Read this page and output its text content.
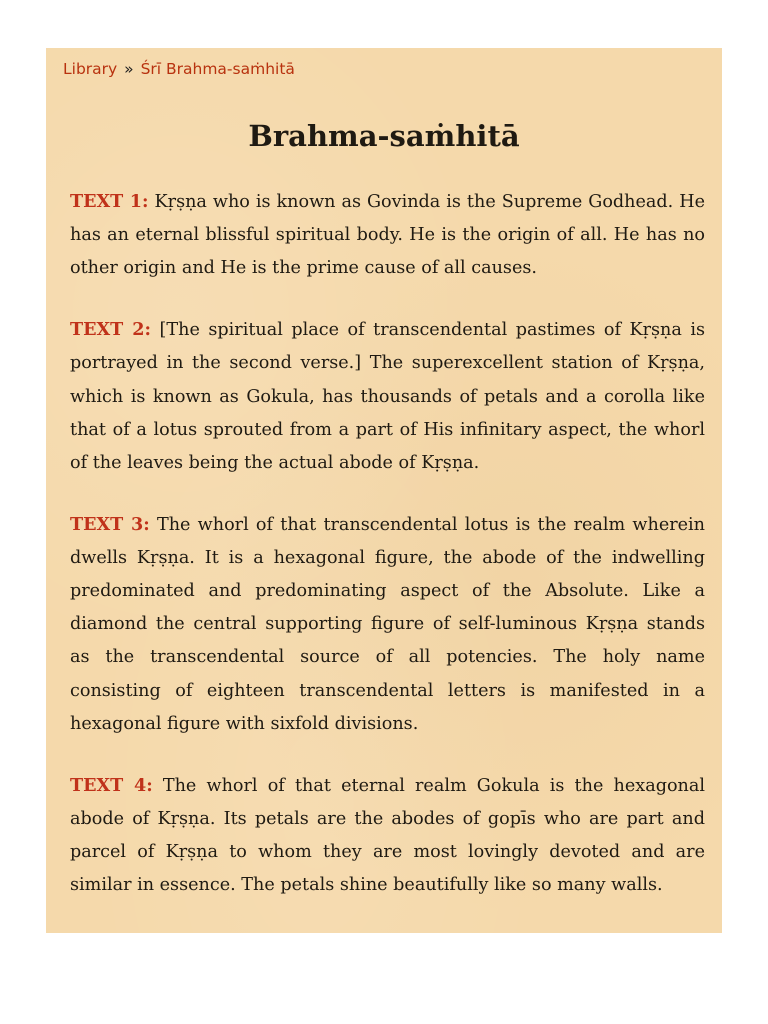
Library » Śrī Brahma-saṁhitā
Brahma-saṁhitā

TEXT 1: Kṛṣṇa who is known as Govinda is the Supreme Godhead. He has an eternal blissful spiritual body. He is the origin of all. He has no other origin and He is the prime cause of all causes.

TEXT 2: [The spiritual place of transcendental pastimes of Kṛṣṇa is portrayed in the second verse.] The superexcellent station of Kṛṣṇa, which is known as Gokula, has thousands of petals and a corolla like that of a lotus sprouted from a part of His infinitary aspect, the whorl of the leaves being the actual abode of Kṛṣṇa.

TEXT 3: The whorl of that transcendental lotus is the realm wherein dwells Kṛṣṇa. It is a hexagonal figure, the abode of the indwelling predominated and predominating aspect of the Absolute. Like a diamond the central supporting figure of self-luminous Kṛṣṇa stands as the transcendental source of all potencies. The holy name consisting of eighteen transcendental letters is manifested in a hexagonal figure with sixfold divisions.

TEXT 4: The whorl of that eternal realm Gokula is the hexagonal abode of Kṛṣṇa. Its petals are the abodes of gopīs who are part and parcel of Kṛṣṇa to whom they are most lovingly devoted and are similar in essence. The petals shine beautifully like so many walls.
